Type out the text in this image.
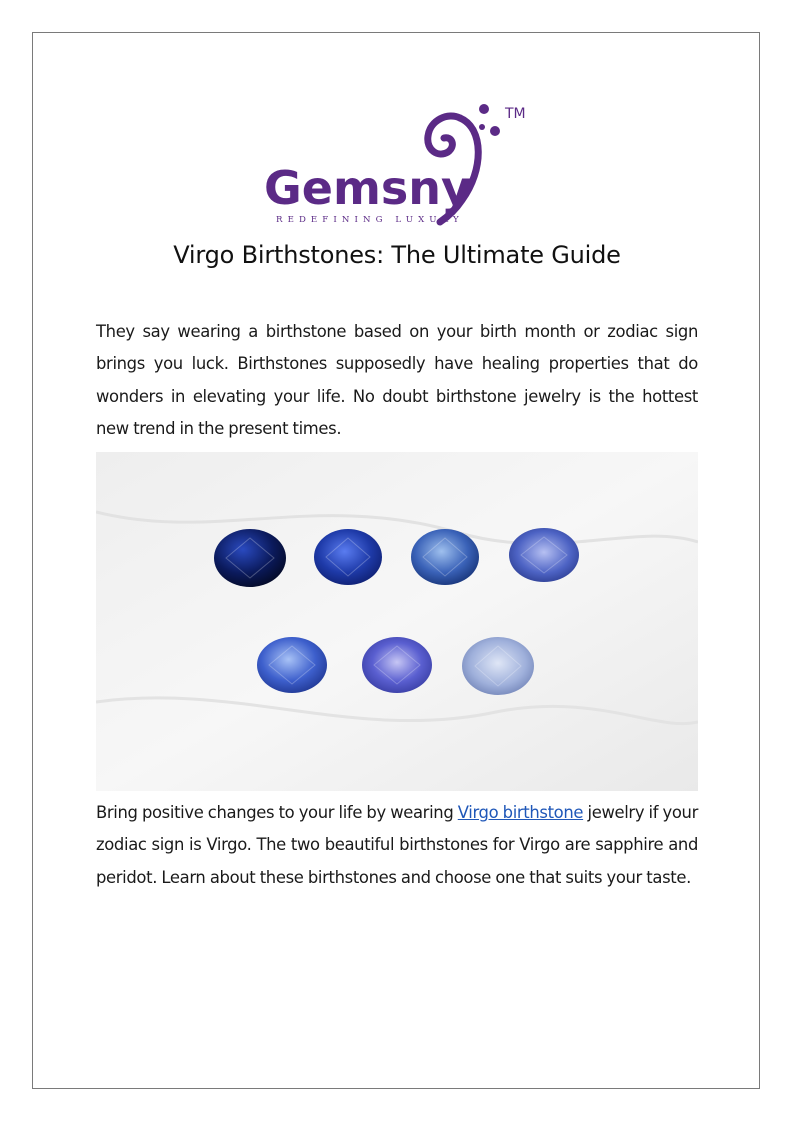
TM
Gemsny
REDEFINING LUXURY
Virgo Birthstones: The Ultimate Guide

They say wearing a birthstone based on your birth month or zodiac sign brings you luck. Birthstones supposedly have healing properties that do wonders in elevating your life. No doubt birthstone jewelry is the hottest new trend in the present times.

Bring positive changes to your life by wearing Virgo birthstone jewelry if your zodiac sign is Virgo. The two beautiful birthstones for Virgo are sapphire and peridot. Learn about these birthstones and choose one that suits your taste.
